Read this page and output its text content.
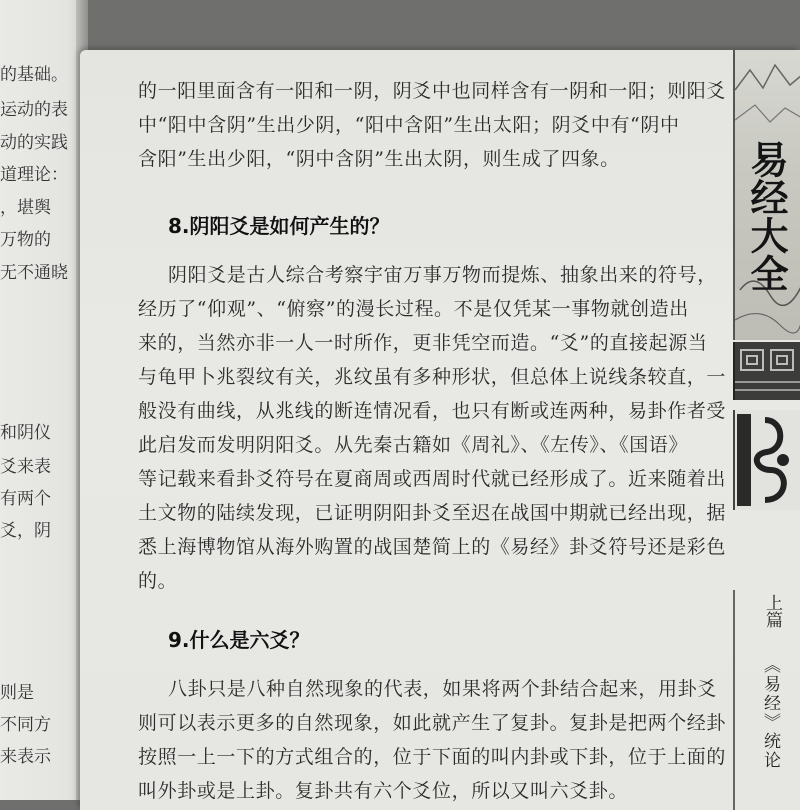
的基础。
运动的表
动的实践
道理论：
，堪舆
万物的
无不通晓
和阴仪
爻来表
有两个
爻，阴
则是
不同方
来表示
的一阳里面含有一阳和一阴，阴爻中也同样含有一阴和一阳；则阳爻
中“阳中含阴”生出少阴，“阳中含阳”生出太阳；阴爻中有“阴中
含阳”生出少阳，“阴中含阴”生出太阴，则生成了四象。
8.阴阳爻是如何产生的？
阴阳爻是古人综合考察宇宙万事万物而提炼、抽象出来的符号，
经历了“仰观”、“俯察”的漫长过程。不是仅凭某一事物就创造出
来的，当然亦非一人一时所作，更非凭空而造。“爻”的直接起源当
与龟甲卜兆裂纹有关，兆纹虽有多种形状，但总体上说线条较直，一
般没有曲线，从兆线的断连情况看，也只有断或连两种，易卦作者受
此启发而发明阴阳爻。从先秦古籍如《周礼》、《左传》、《国语》
等记载来看卦爻符号在夏商周或西周时代就已经形成了。近来随着出
土文物的陆续发现，已证明阴阳卦爻至迟在战国中期就已经出现，据
悉上海博物馆从海外购置的战国楚简上的《易经》卦爻符号还是彩色
的。
9.什么是六爻？
八卦只是八种自然现象的代表，如果将两个卦结合起来，用卦爻
则可以表示更多的自然现象，如此就产生了复卦。复卦是把两个经卦
按照一上一下的方式组合的，位于下面的叫内卦或下卦，位于上面的
叫外卦或是上卦。复卦共有六个爻位，所以又叫六爻卦。
易经大全
上篇
《易经》统论
